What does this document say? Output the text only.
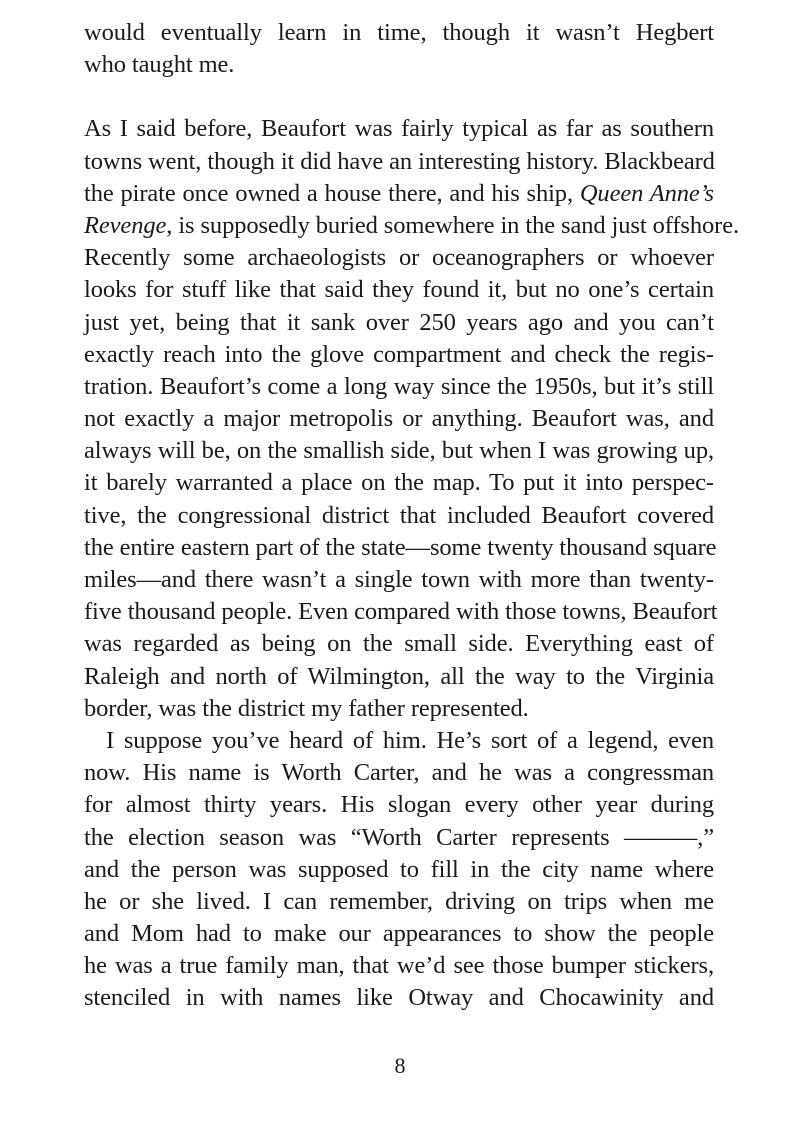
would eventually learn in time, though it wasn’t Hegbert
who taught me.
As I said before, Beaufort was fairly typical as far as southern
towns went, though it did have an interesting history. Blackbeard
the pirate once owned a house there, and his ship, Queen Anne’s
Revenge, is supposedly buried somewhere in the sand just offshore.
Recently some archaeologists or oceanographers or whoever
looks for stuff like that said they found it, but no one’s certain
just yet, being that it sank over 250 years ago and you can’t
exactly reach into the glove compartment and check the regis-
tration. Beaufort’s come a long way since the 1950s, but it’s still
not exactly a major metropolis or anything. Beaufort was, and
always will be, on the smallish side, but when I was growing up,
it barely warranted a place on the map. To put it into perspec-
tive, the congressional district that included Beaufort covered
the entire eastern part of the state—some twenty thousand square
miles—and there wasn’t a single town with more than twenty-
five thousand people. Even compared with those towns, Beaufort
was regarded as being on the small side. Everything east of
Raleigh and north of Wilmington, all the way to the Virginia
border, was the district my father represented.
I suppose you’ve heard of him. He’s sort of a legend, even
now. His name is Worth Carter, and he was a congressman
for almost thirty years. His slogan every other year during
the election season was “Worth Carter represents ———,”
and the person was supposed to fill in the city name where
he or she lived. I can remember, driving on trips when me
and Mom had to make our appearances to show the people
he was a true family man, that we’d see those bumper stickers,
stenciled in with names like Otway and Chocawinity and
8
